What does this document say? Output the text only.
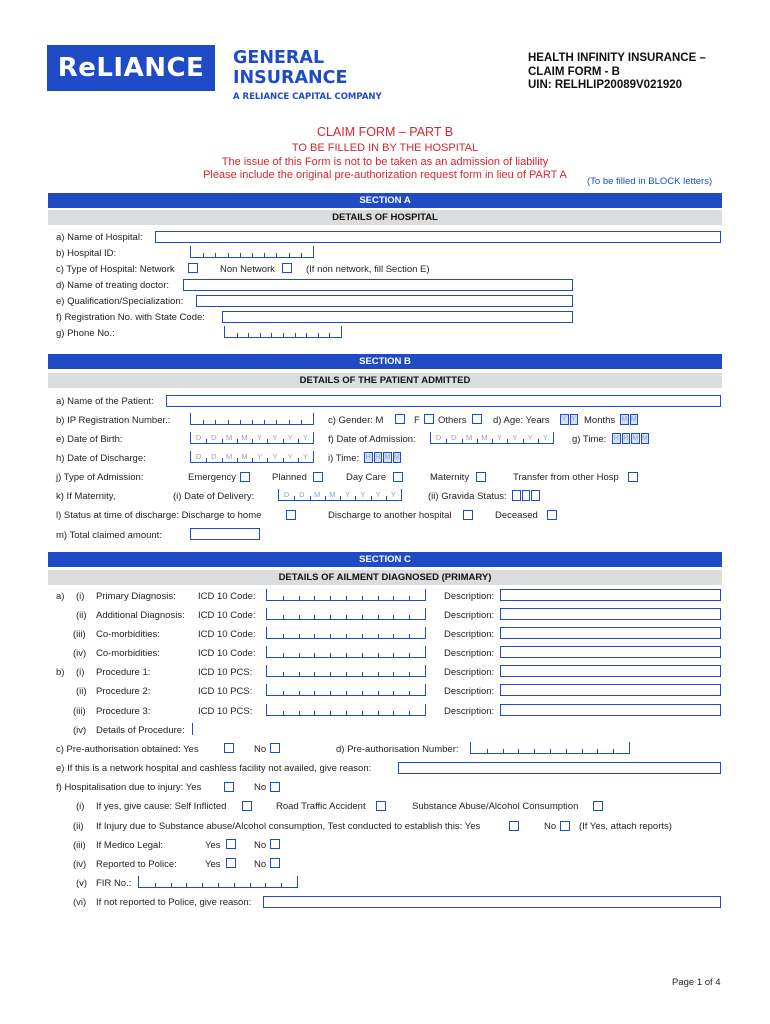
ReLIANCE	GENERAL
INSURANCE
A RELIANCE CAPITAL COMPANY
HEALTH INFINITY INSURANCE –
CLAIM FORM - B
UIN: RELHLIP20089V021920
CLAIM FORM – PART B
TO BE FILLED IN BY THE HOSPITAL
The issue of this Form is not to be taken as an admission of liability
Please include the original pre-authorization request form in lieu of PART A
(To be filled in BLOCK letters)
SECTION A
DETAILS OF HOSPITAL
a) Name of Hospital:
b) Hospital ID:
c) Type of Hospital: Network	Non Network	(If non network, fill Section E)
d) Name of treating doctor:
e) Qualification/Specialization:
f) Registration No. with State Code:
g) Phone No.:
SECTION B
DETAILS OF THE PATIENT ADMITTED
a) Name of the Patient:
b) IP Registration Number.:	c) Gender: M	F Others	d) Age: Years Y Y Months M M
e) Date of Birth:	D	D	M	M	Y	Y	Y	Y	f) Date of Admission:	D	D	M	M	Y	Y	Y	Y	g) Time: H H M M
h) Date of Discharge:	D	D	M	M	Y	Y	Y	Y	i) Time: H H M M
j) Type of Admission:	Emergency	Planned	Day Care	Maternity	Transfer from other Hosp
k) If Maternity,	(i) Date of Delivery:	D	D	M	M	Y	Y	Y	Y	(ii) Gravida Status:
l) Status at time of discharge: Discharge to home	Discharge to another hospital	Deceased
m) Total claimed amount:
SECTION C
DETAILS OF AILMENT DIAGNOSED (PRIMARY)
a) (i) Primary Diagnosis: ICD 10 Code:	Description:
(ii) Additional Diagnosis: ICD 10 Code:	Description:
(iii) Co-morbidities:	ICD 10 Code:	Description:
(iv) Co-morbidities:	ICD 10 Code:	Description:
b) (i) Procedure 1:	ICD 10 PCS:	Description:
(ii) Procedure 2:	ICD 10 PCS:	Description:
(iii) Procedure 3:	ICD 10 PCS:	Description:
(iv) Details of Procedure:
c) Pre-authorisation obtained: Yes	No	d) Pre-authorisation Number:
e) If this is a network hospital and cashless facility not availed, give reason:
f) Hospitalisation due to injury: Yes	No
(i) If yes, give cause: Self Inflicted	Road Traffic Accident	Substance Abuse/Alcohol Consumption
(ii) If Injury due to Substance abuse/Alcohol consumption, Test conducted to establish this: Yes	No (If Yes, attach reports)
(iii) If Medico Legal:	Yes	No
(iv) Reported to Police:	Yes	No
(v) FIR No.:
(vi) If not reported to Police, give reason:
Page 1 of 4
